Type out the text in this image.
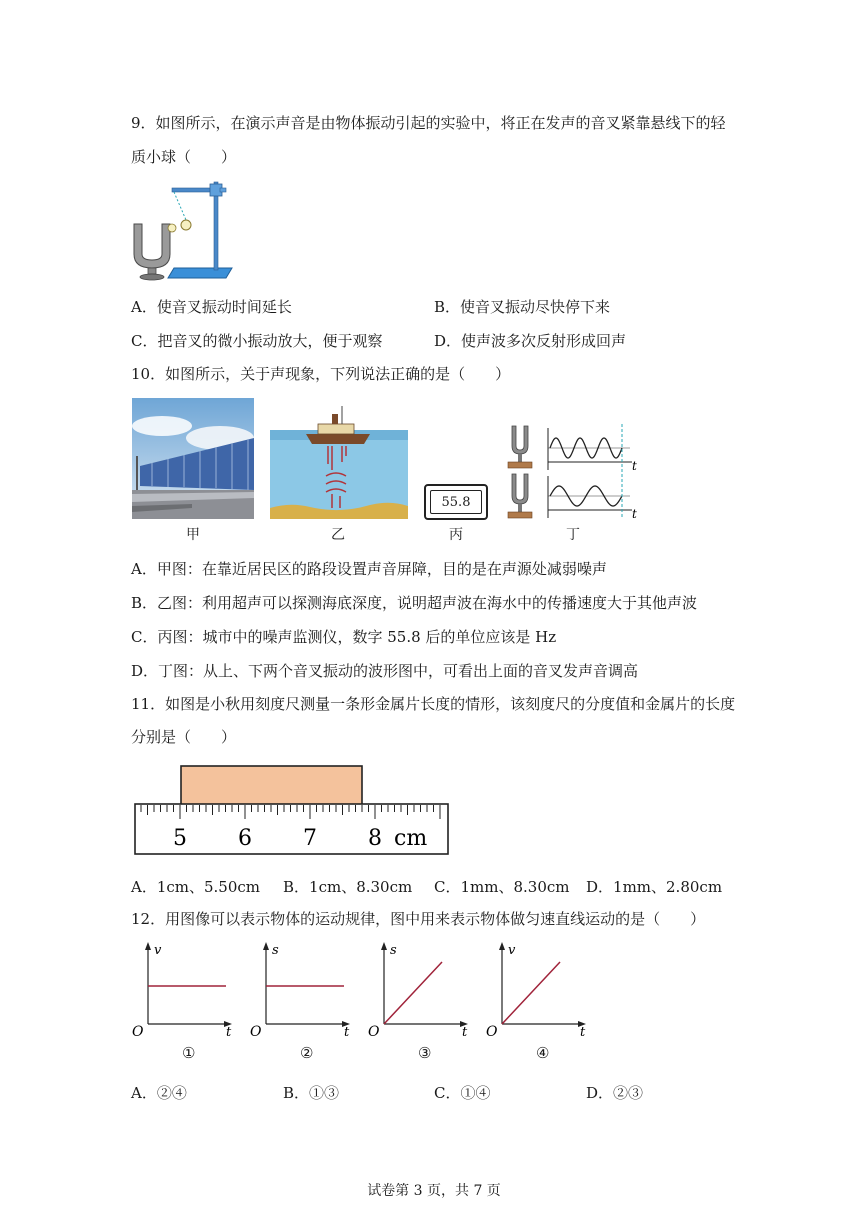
9．如图所示，在演示声音是由物体振动引起的实验中，将正在发声的音叉紧靠悬线下的轻
质小球（　　）
A．使音叉振动时间延长	B．使音叉振动尽快停下来
C．把音叉的微小振动放大，便于观察	D．使声波多次反射形成回声
10．如图所示，关于声现象，下列说法正确的是（　　）
甲	乙
55.8
丙
t
t
丁
A．甲图：在靠近居民区的路段设置声音屏障，目的是在声源处减弱噪声
B．乙图：利用超声可以探测海底深度，说明超声波在海水中的传播速度大于其他声波
C．丙图：城市中的噪声监测仪，数字 55.8 后的单位应该是 Hz
D．丁图：从上、下两个音叉振动的波形图中，可看出上面的音叉发声音调高
11．如图是小秋用刻度尺测量一条形金属片长度的情形，该刻度尺的分度值和金属片的长度
分别是（　　）
5 6 7 8 cm
A．1cm、5.50cm B．1cm、8.30cm C．1mm、8.30cm D．1mm、2.80cm
12．用图像可以表示物体的运动规律，图中用来表示物体做匀速直线运动的是（　　）
v
t
O
①
s
t
O
②
s
t
O
③
v
t
O
④
A．②④	B．①③	C．①④	D．②③
试卷第 3 页，共 7 页
